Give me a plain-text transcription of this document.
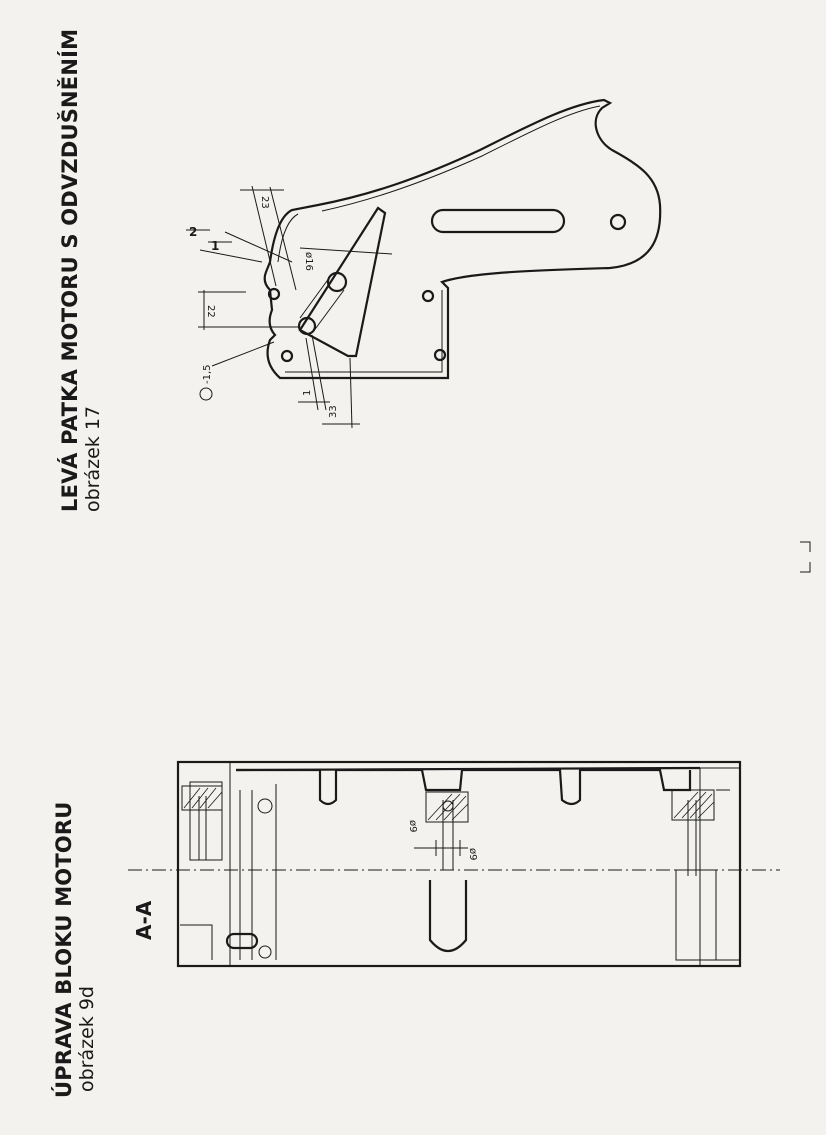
LEVÁ PATKA MOTORU S ODVZDUŠNĚNÍM obrázek 17
ÚPRAVA BLOKU MOTORU obrázek 9d
A-A
23
22
ø16
2
1
1
33
-1,5
ø9
ø9
